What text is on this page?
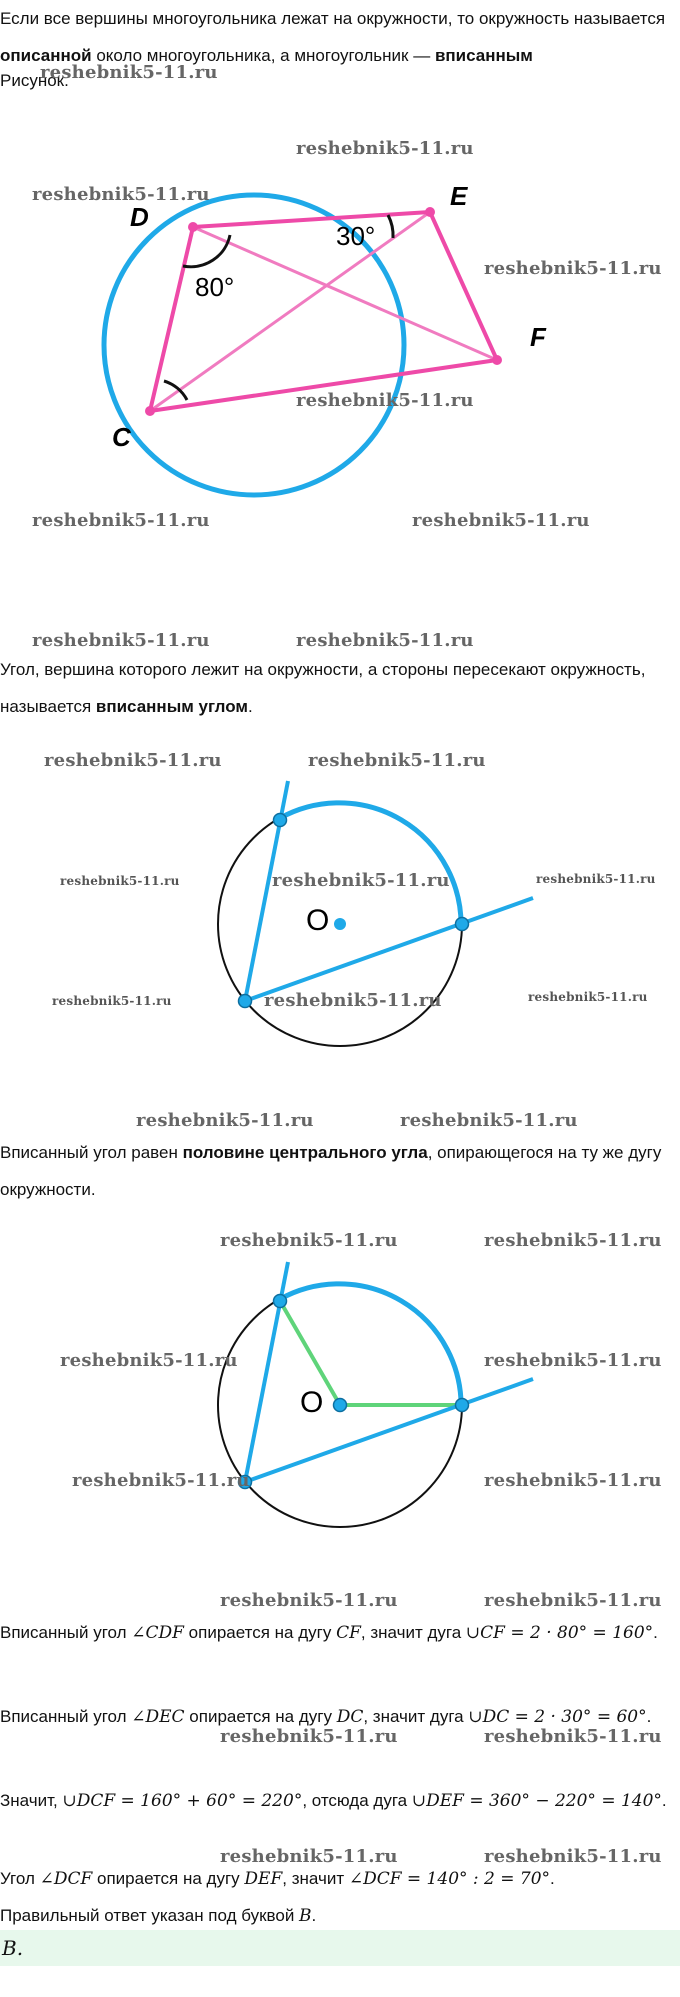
Если все вершины многоугольника лежат на окружности, то окружность называется описанной около многоугольника, а многоугольник — вписанным
Рисунок.

D
E
F
C
80°
30°

Угол, вершина которого лежит на окружности, а стороны пересекают окружность, называется вписанным углом.

O

Вписанный угол равен половине центрального угла, опирающегося на ту же дугу окружности.

O

Вписанный угол ∠CDF опирается на дугу CF, значит дуга ∪CF = 2 · 80° = 160°.

Вписанный угол ∠DEC опирается на дугу DC, значит дуга ∪DC = 2 · 30° = 60°.

Значит, ∪DCF = 160° + 60° = 220°, отсюда дуга ∪DEF = 360° − 220° = 140°.

Угол ∠DCF опирается на дугу DEF, значит ∠DCF = 140° : 2 = 70°.

Правильный ответ указан под буквой B.

B.
reshebnik5-11.ru
reshebnik5-11.ru
reshebnik5-11.ru
reshebnik5-11.ru
reshebnik5-11.ru
reshebnik5-11.ru	reshebnik5-11.ru
reshebnik5-11.ru	reshebnik5-11.ru
reshebnik5-11.ru	reshebnik5-11.ru
reshebnik5-11.ru	reshebnik5-11.ru	reshebnik5-11.ru
reshebnik5-11.ru	reshebnik5-11.ru	reshebnik5-11.ru
reshebnik5-11.ru	reshebnik5-11.ru
reshebnik5-11.ru	reshebnik5-11.ru
reshebnik5-11.ru	reshebnik5-11.ru
reshebnik5-11.ru	reshebnik5-11.ru
reshebnik5-11.ru	reshebnik5-11.ru
reshebnik5-11.ru	reshebnik5-11.ru
reshebnik5-11.ru	reshebnik5-11.ru
